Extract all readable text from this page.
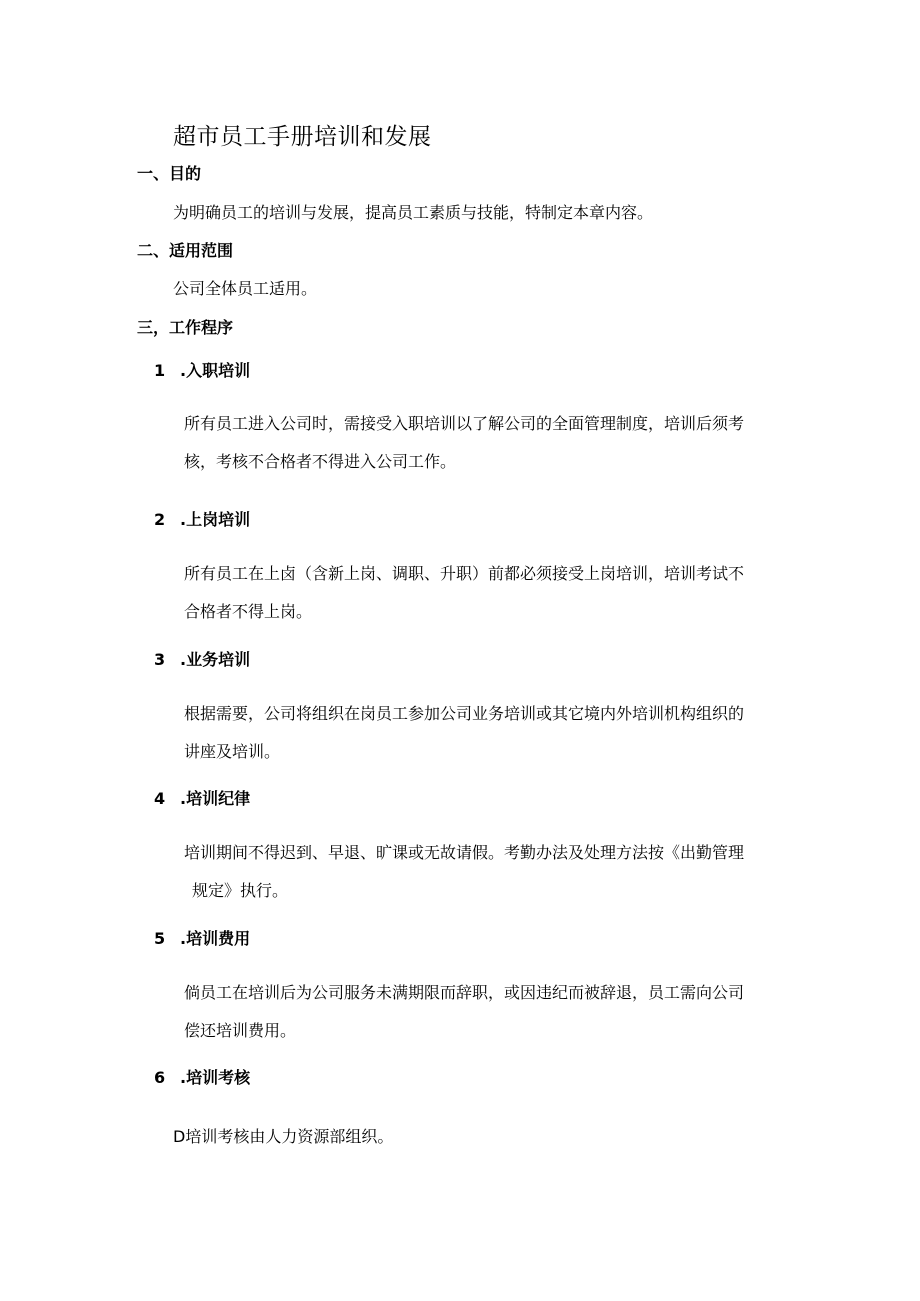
超市员工手册培训和发展
一、目的
为明确员工的培训与发展，提高员工素质与技能，特制定本章内容。
二、适用范围
公司全体员工适用。
三，工作程序
1 .入职培训
所有员工进入公司时，需接受入职培训以了解公司的全面管理制度，培训后须考
核，考核不合格者不得进入公司工作。
2 .上岗培训
所有员工在上卤（含新上岗、调职、升职）前都必须接受上岗培训，培训考试不
合格者不得上岗。
3 .业务培训
根据需要，公司将组织在岗员工参加公司业务培训或其它境内外培训机构组织的
讲座及培训。
4 .培训纪律
培训期间不得迟到、早退、旷课或无故请假。考勤办法及处理方法按《出勤管理
规定》执行。
5 .培训费用
倘员工在培训后为公司服务未满期限而辞职，或因违纪而被辞退，员工需向公司
偿还培训费用。
6 .培训考核
D培训考核由人力资源部组织。
